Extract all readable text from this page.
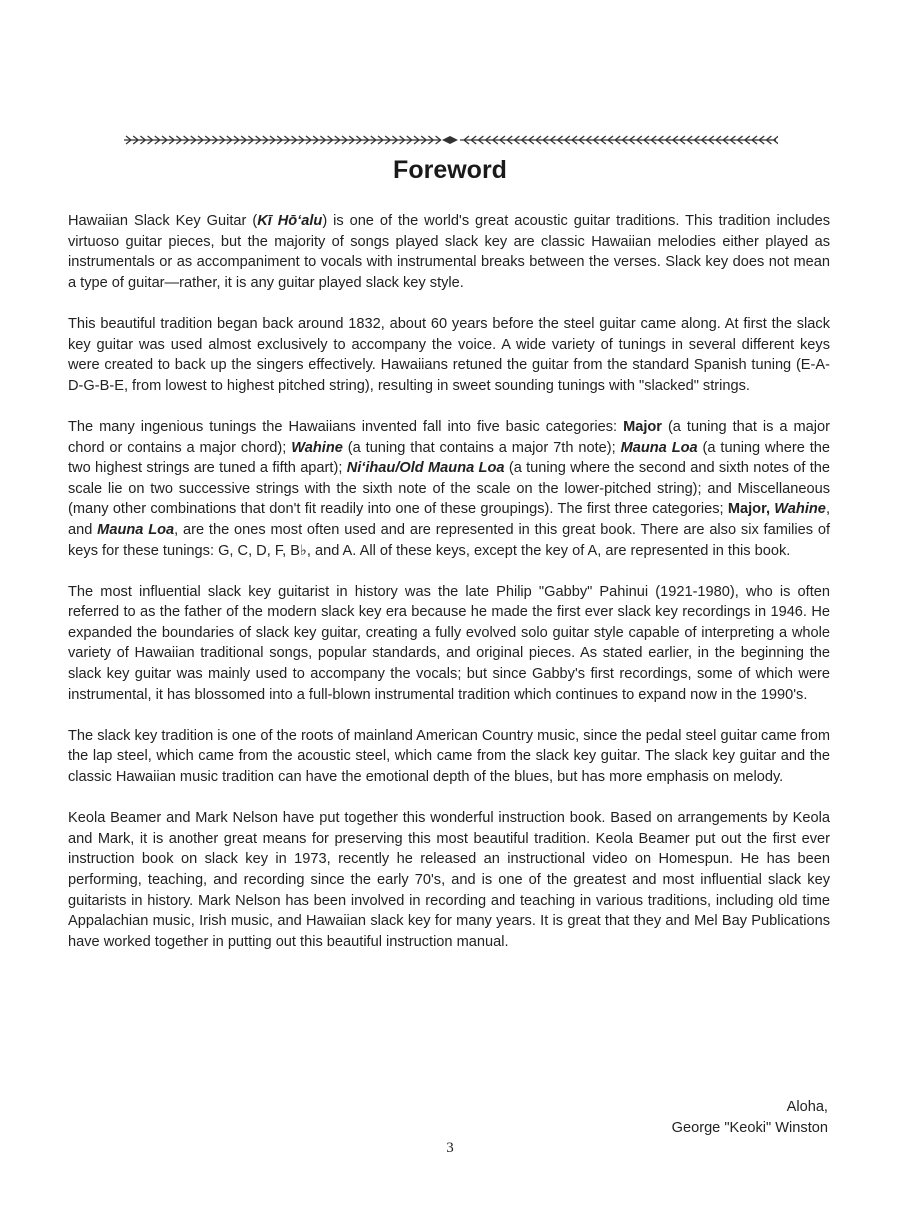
Foreword

Hawaiian Slack Key Guitar (Kī Hō‘alu) is one of the world's great acoustic guitar traditions. This tradition includes virtuoso guitar pieces, but the majority of songs played slack key are classic Hawaiian melodies either played as instrumentals or as accompaniment to vocals with instrumental breaks between the verses. Slack key does not mean a type of guitar—rather, it is any guitar played slack key style.

This beautiful tradition began back around 1832, about 60 years before the steel guitar came along. At first the slack key guitar was used almost exclusively to accompany the voice. A wide variety of tunings in several different keys were created to back up the singers effectively. Hawaiians retuned the guitar from the standard Spanish tuning (E-A-D-G-B-E, from lowest to highest pitched string), resulting in sweet sounding tunings with "slacked" strings.

The many ingenious tunings the Hawaiians invented fall into five basic categories: Major (a tuning that is a major chord or contains a major chord); Wahine (a tuning that contains a major 7th note); Mauna Loa (a tuning where the two highest strings are tuned a fifth apart); Ni‘ihau/Old Mauna Loa (a tuning where the second and sixth notes of the scale lie on two successive strings with the sixth note of the scale on the lower-pitched string); and Miscellaneous (many other combinations that don't fit readily into one of these groupings). The first three categories; Major, Wahine, and Mauna Loa, are the ones most often used and are represented in this great book. There are also six families of keys for these tunings: G, C, D, F, B♭, and A. All of these keys, except the key of A, are represented in this book.

The most influential slack key guitarist in history was the late Philip "Gabby" Pahinui (1921-1980), who is often referred to as the father of the modern slack key era because he made the first ever slack key recordings in 1946. He expanded the boundaries of slack key guitar, creating a fully evolved solo guitar style capable of interpreting a whole variety of Hawaiian traditional songs, popular standards, and original pieces. As stated earlier, in the beginning the slack key guitar was mainly used to accompany the vocals; but since Gabby's first recordings, some of which were instrumental, it has blossomed into a full-blown instrumental tradition which continues to expand now in the 1990's.

The slack key tradition is one of the roots of mainland American Country music, since the pedal steel guitar came from the lap steel, which came from the acoustic steel, which came from the slack key guitar. The slack key guitar and the classic Hawaiian music tradition can have the emotional depth of the blues, but has more emphasis on melody.

Keola Beamer and Mark Nelson have put together this wonderful instruction book. Based on arrangements by Keola and Mark, it is another great means for preserving this most beautiful tradition. Keola Beamer put out the first ever instruction book on slack key in 1973, recently he released an instructional video on Homespun. He has been performing, teaching, and recording since the early 70's, and is one of the greatest and most influential slack key guitarists in history. Mark Nelson has been involved in recording and teaching in various traditions, including old time Appalachian music, Irish music, and Hawaiian slack key for many years. It is great that they and Mel Bay Publications have worked together in putting out this beautiful instruction manual.

Aloha,
George "Keoki" Winston
3
